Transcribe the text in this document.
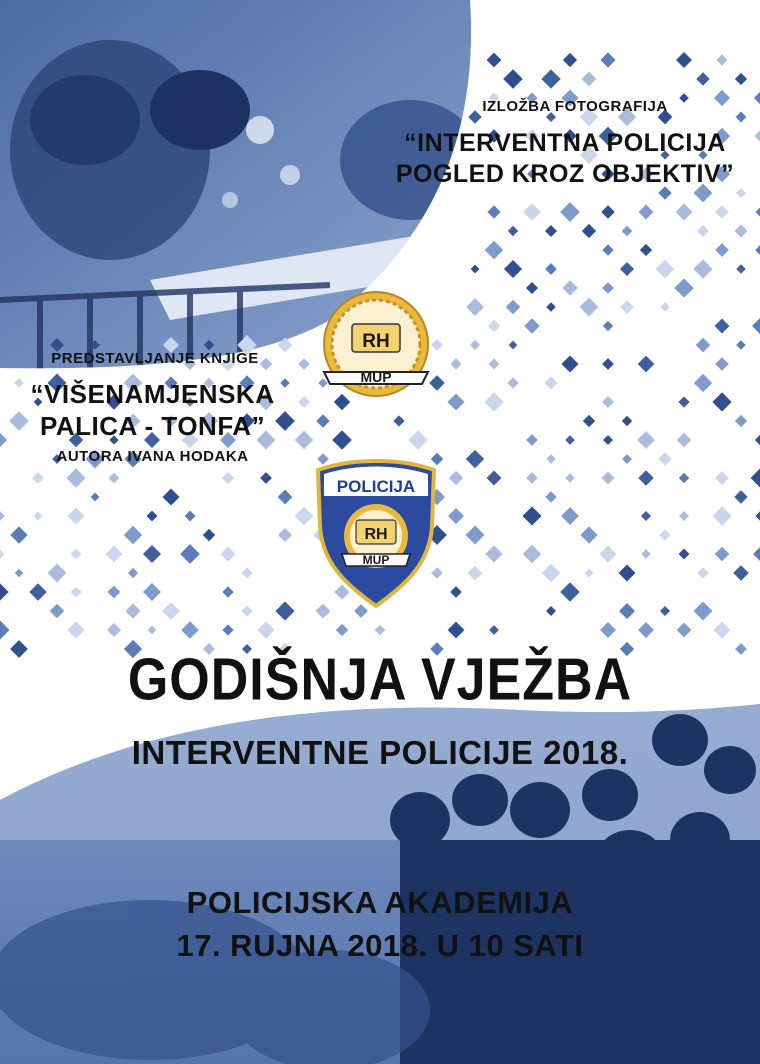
RH
MUP
POLICIJA
RH
MUP

IZLOŽBA FOTOGRAFIJA

“INTERVENTNA POLICIJA
POGLED KROZ OBJEKTIV”

PREDSTAVLJANJE KNJIGE

“VIŠENAMJENSKA
PALICA - TONFA”

AUTORA IVANA HODAKA

GODIŠNJA VJEŽBA
INTERVENTNE POLICIJE 2018.

POLICIJSKA AKADEMIJA

17. RUJNA 2018. U 10 SATI
